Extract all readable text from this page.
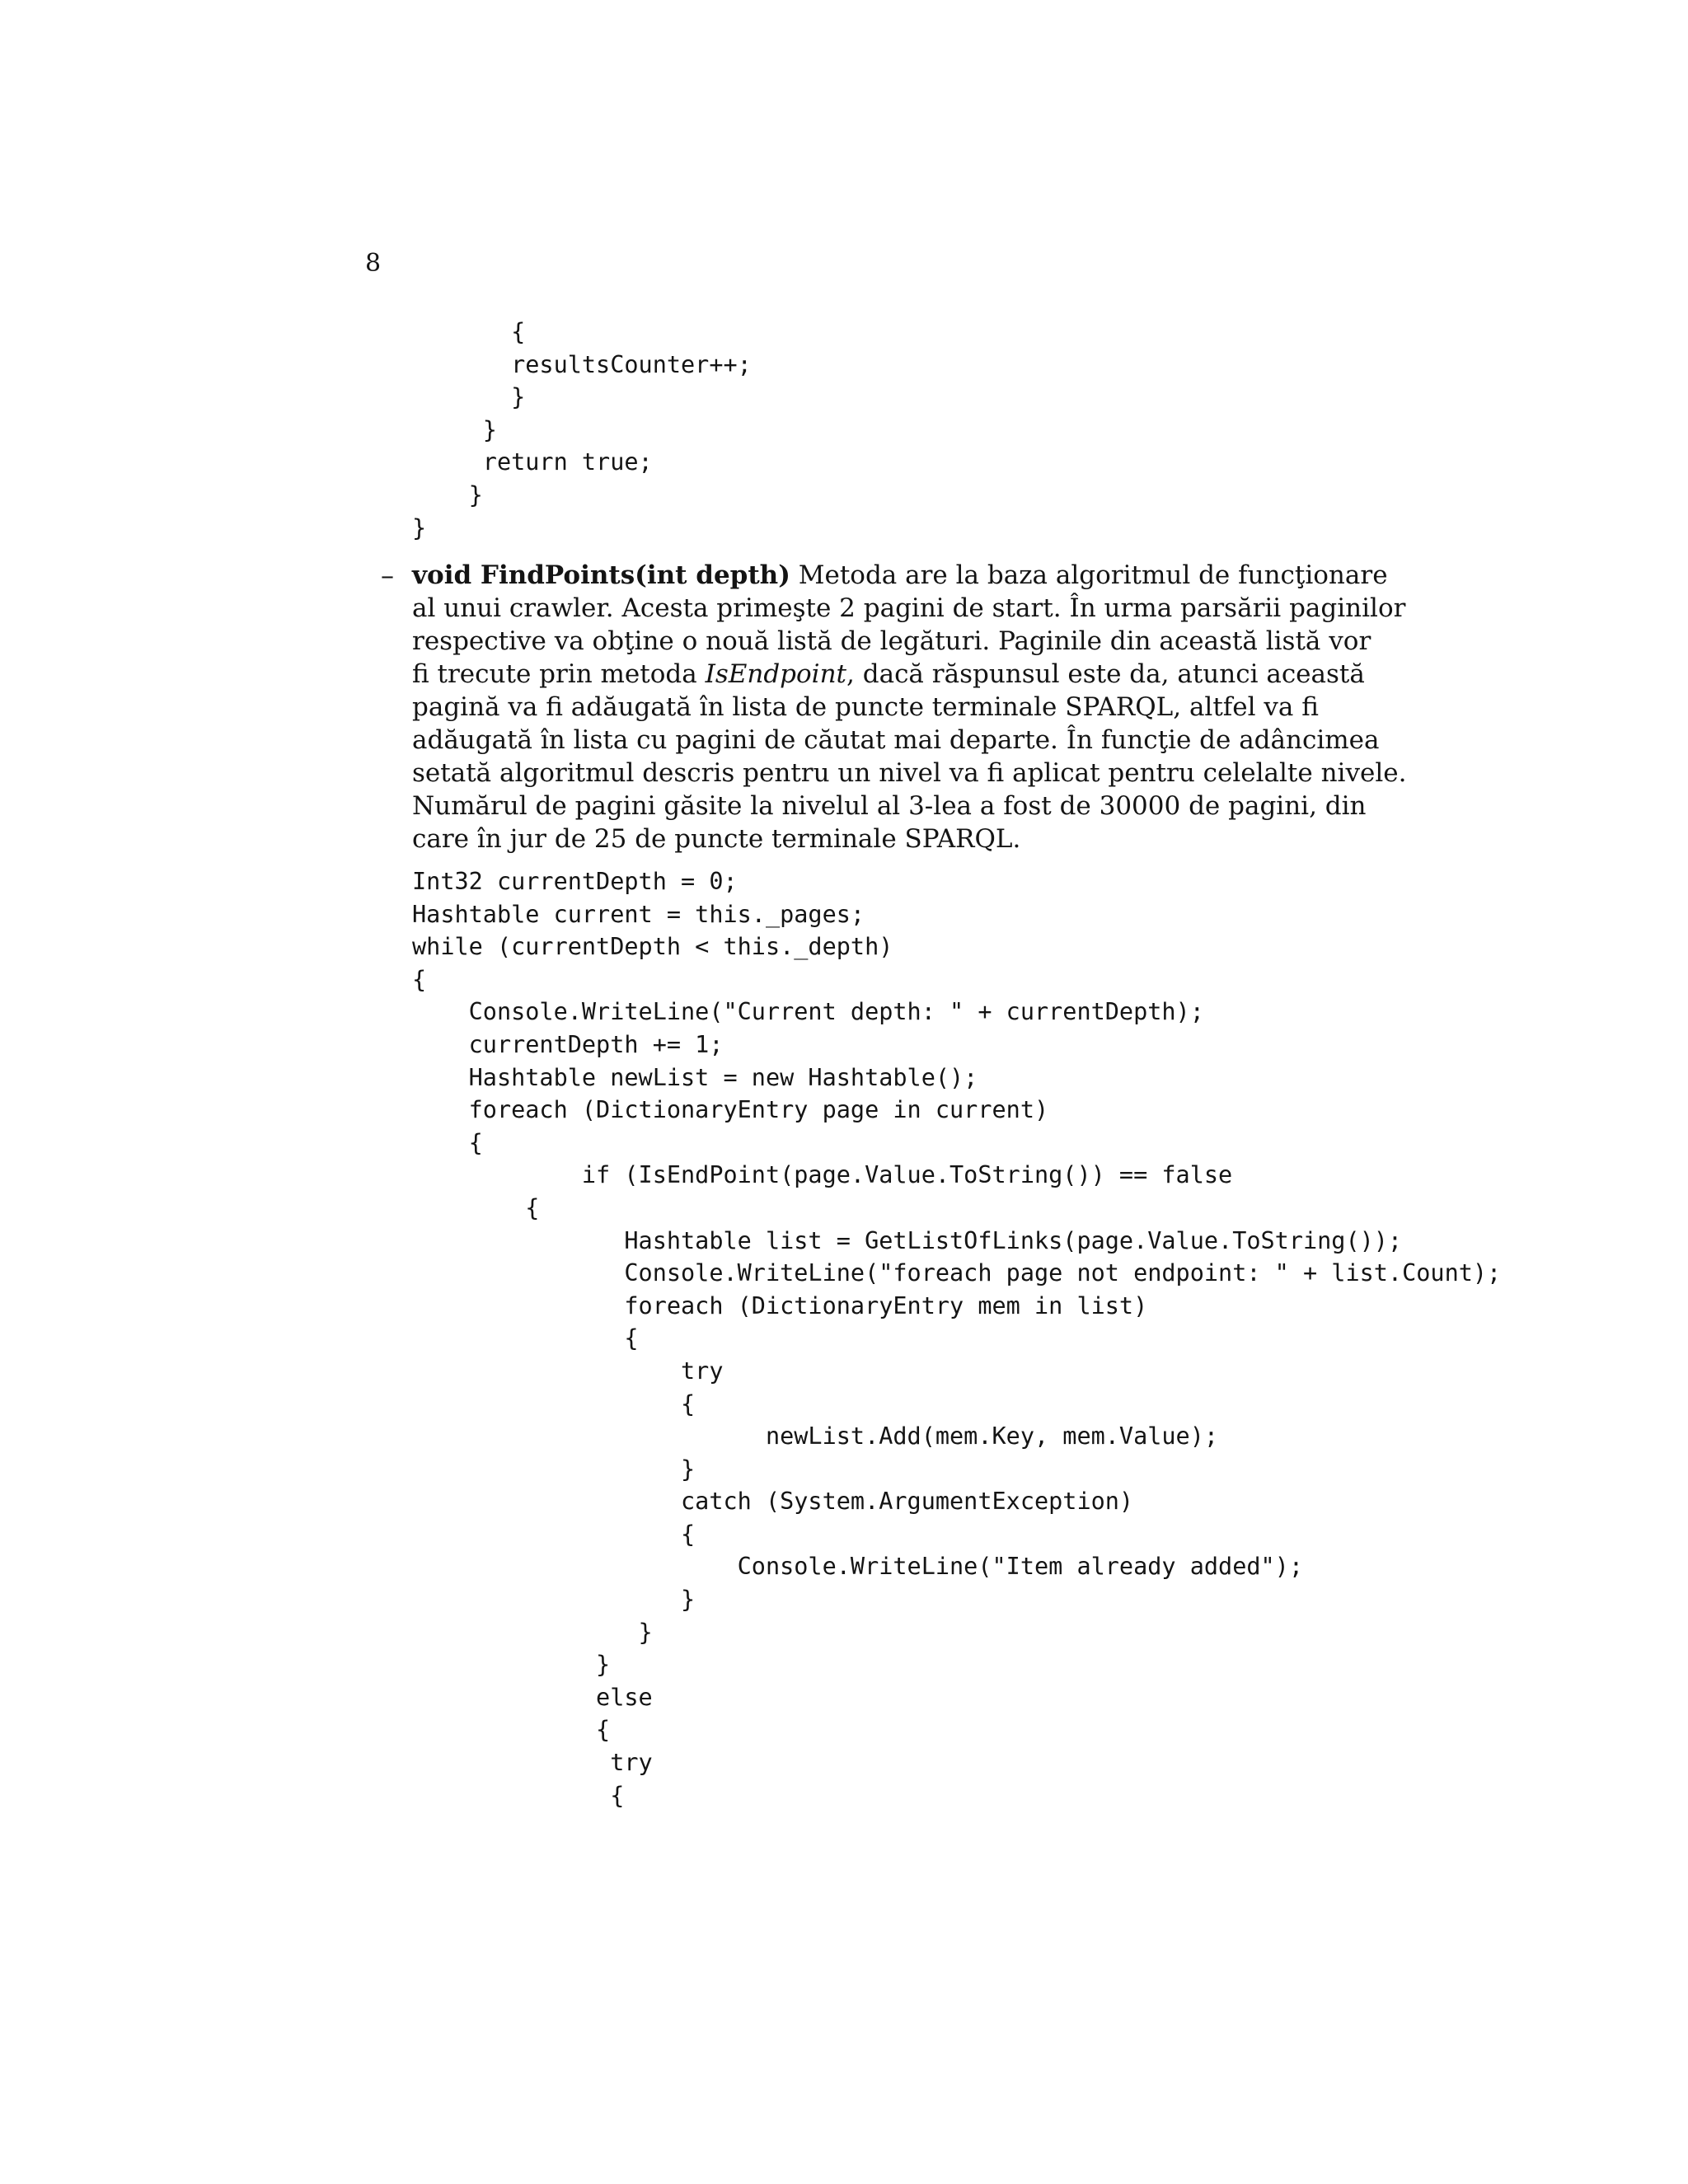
8
{
resultsCounter++;
}
}
return true;
}
}
– void FindPoints(int depth) Metoda are la baza algoritmul de funcţionare
al unui crawler. Acesta primeşte 2 pagini de start. În urma parsării paginilor
respective va obţine o nouă listă de legături. Paginile din această listă vor
fi trecute prin metoda IsEndpoint, dacă răspunsul este da, atunci această
pagină va fi adăugată în lista de puncte terminale SPARQL, altfel va fi
adăugată în lista cu pagini de căutat mai departe. În funcţie de adâncimea
setată algoritmul descris pentru un nivel va fi aplicat pentru celelalte nivele.
Numărul de pagini găsite la nivelul al 3-lea a fost de 30000 de pagini, din
care în jur de 25 de puncte terminale SPARQL.
Int32 currentDepth = 0;
Hashtable current = this._pages;
while (currentDepth < this._depth)
{
Console.WriteLine("Current depth: " + currentDepth);
currentDepth += 1;
Hashtable newList = new Hashtable();
foreach (DictionaryEntry page in current)
{
if (IsEndPoint(page.Value.ToString()) == false
{
Hashtable list = GetListOfLinks(page.Value.ToString());
Console.WriteLine("foreach page not endpoint: " + list.Count);
foreach (DictionaryEntry mem in list)
{
try
{
newList.Add(mem.Key, mem.Value);
}
catch (System.ArgumentException)
{
Console.WriteLine("Item already added");
}
}
}
else
{
try
{
